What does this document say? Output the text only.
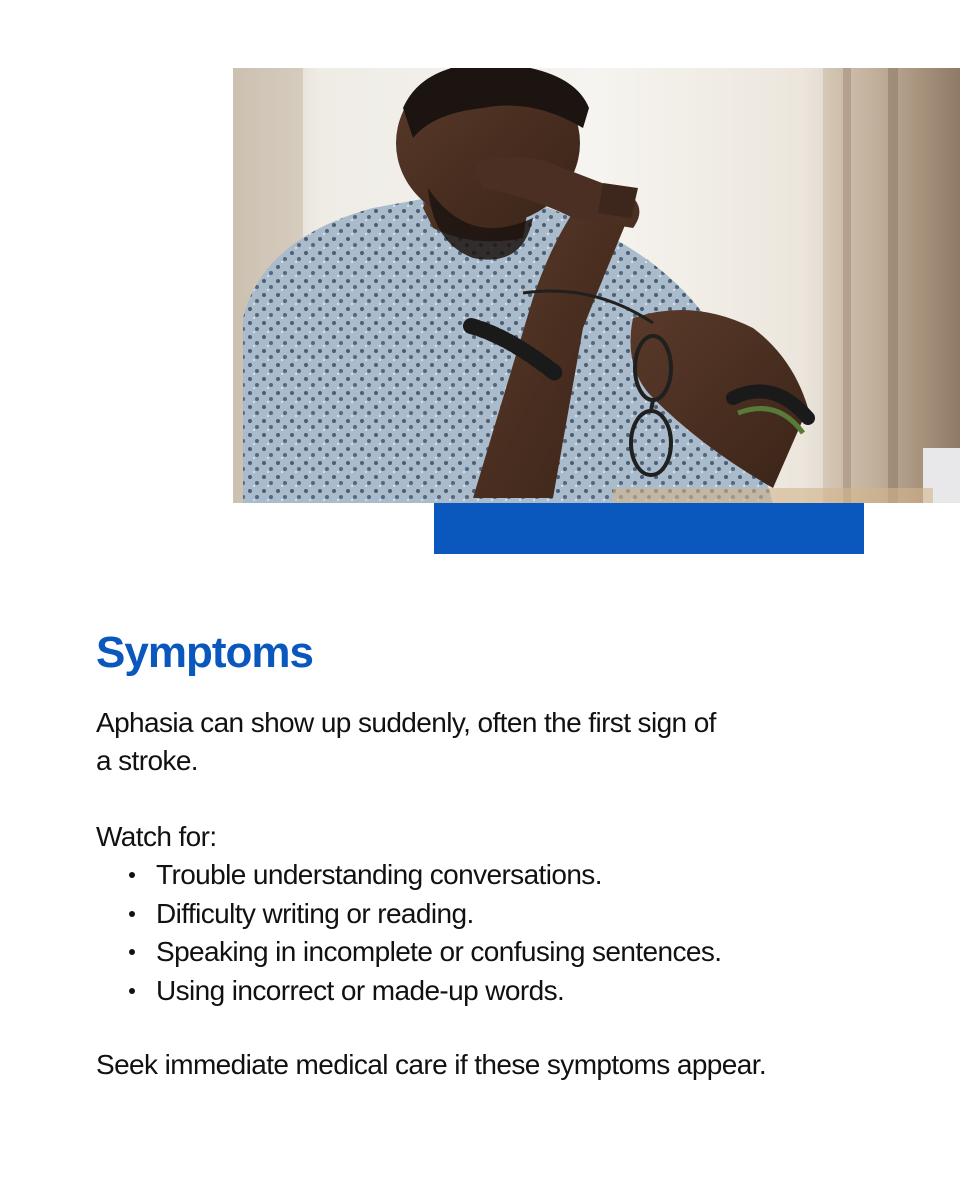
Symptoms

Aphasia can show up suddenly, often the first sign of a stroke.

Watch for:

Trouble understanding conversations.
Difficulty writing or reading.
Speaking in incomplete or confusing sentences.
Using incorrect or made-up words.

Seek immediate medical care if these symptoms appear.
